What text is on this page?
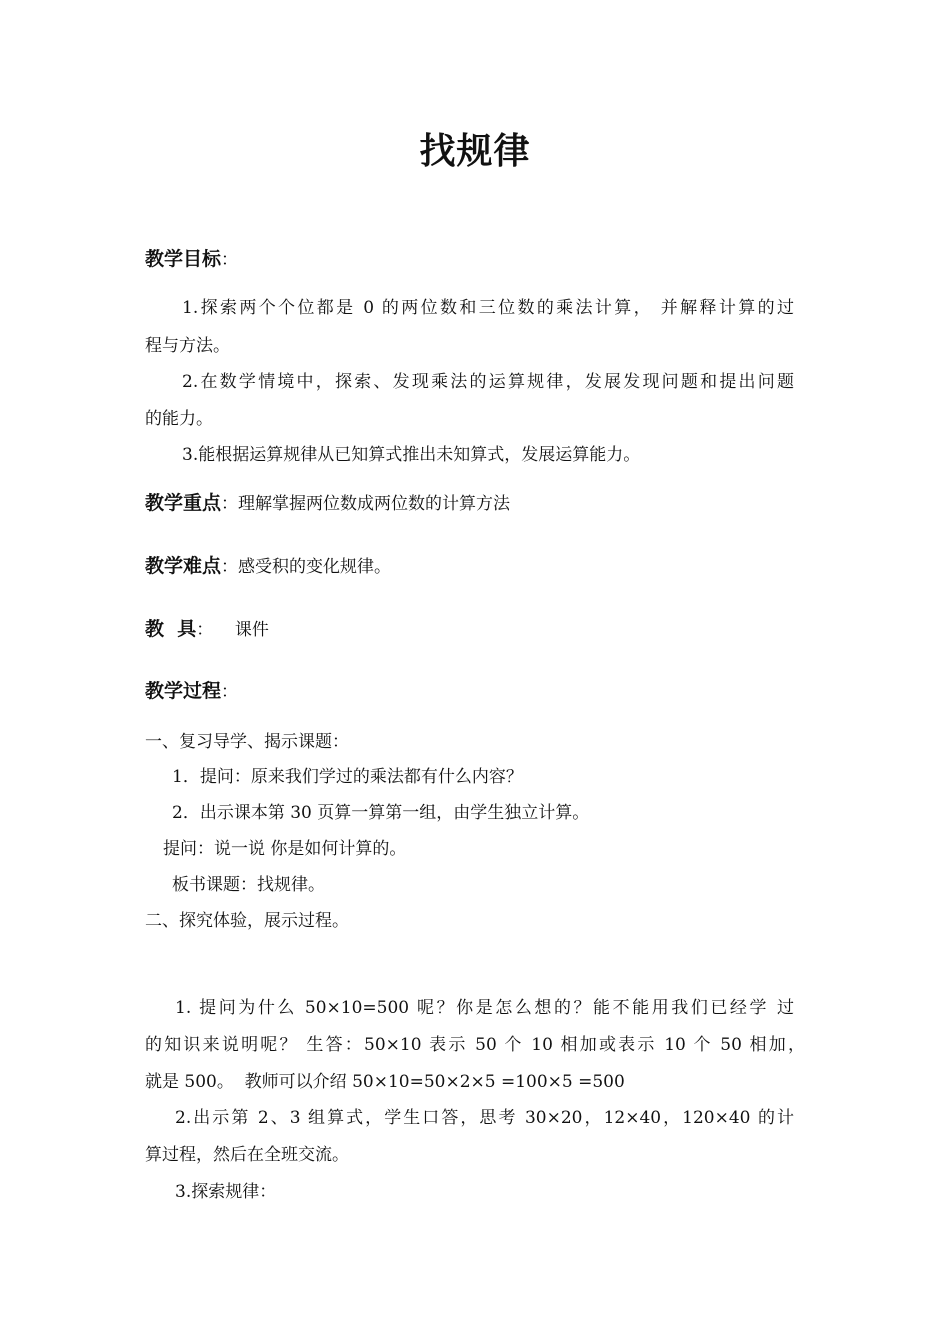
找规律
教学目标：
1.探索两个个位都是 0 的两位数和三位数的乘法计算， 并解释计算的过
程与方法。
2.在数学情境中，探索、发现乘法的运算规律，发展发现问题和提出问题
的能力。
3.能根据运算规律从已知算式推出未知算式，发展运算能力。
教学重点：理解掌握两位数成两位数的计算方法
教学难点：感受积的变化规律。
教  具：    课件
教学过程：
一、复习导学、揭示课题：
1．提问：原来我们学过的乘法都有什么内容？
2．出示课本第 30 页算一算第一组，由学生独立计算。
提问：说一说 你是如何计算的。
板书课题：找规律。
二、探究体验，展示过程。
1. 提问为什么 50×10=500 呢？你是怎么想的？能不能用我们已经学 过
的知识来说明呢？ 生答：50×10 表示 50 个 10 相加或表示 10 个 50 相加，
就是 500。  教师可以介绍 50×10=50×2×5 =100×5 =500
2.出示第 2、3 组算式，学生口答，思考 30×20，12×40，120×40 的计
算过程，然后在全班交流。
3.探索规律：
